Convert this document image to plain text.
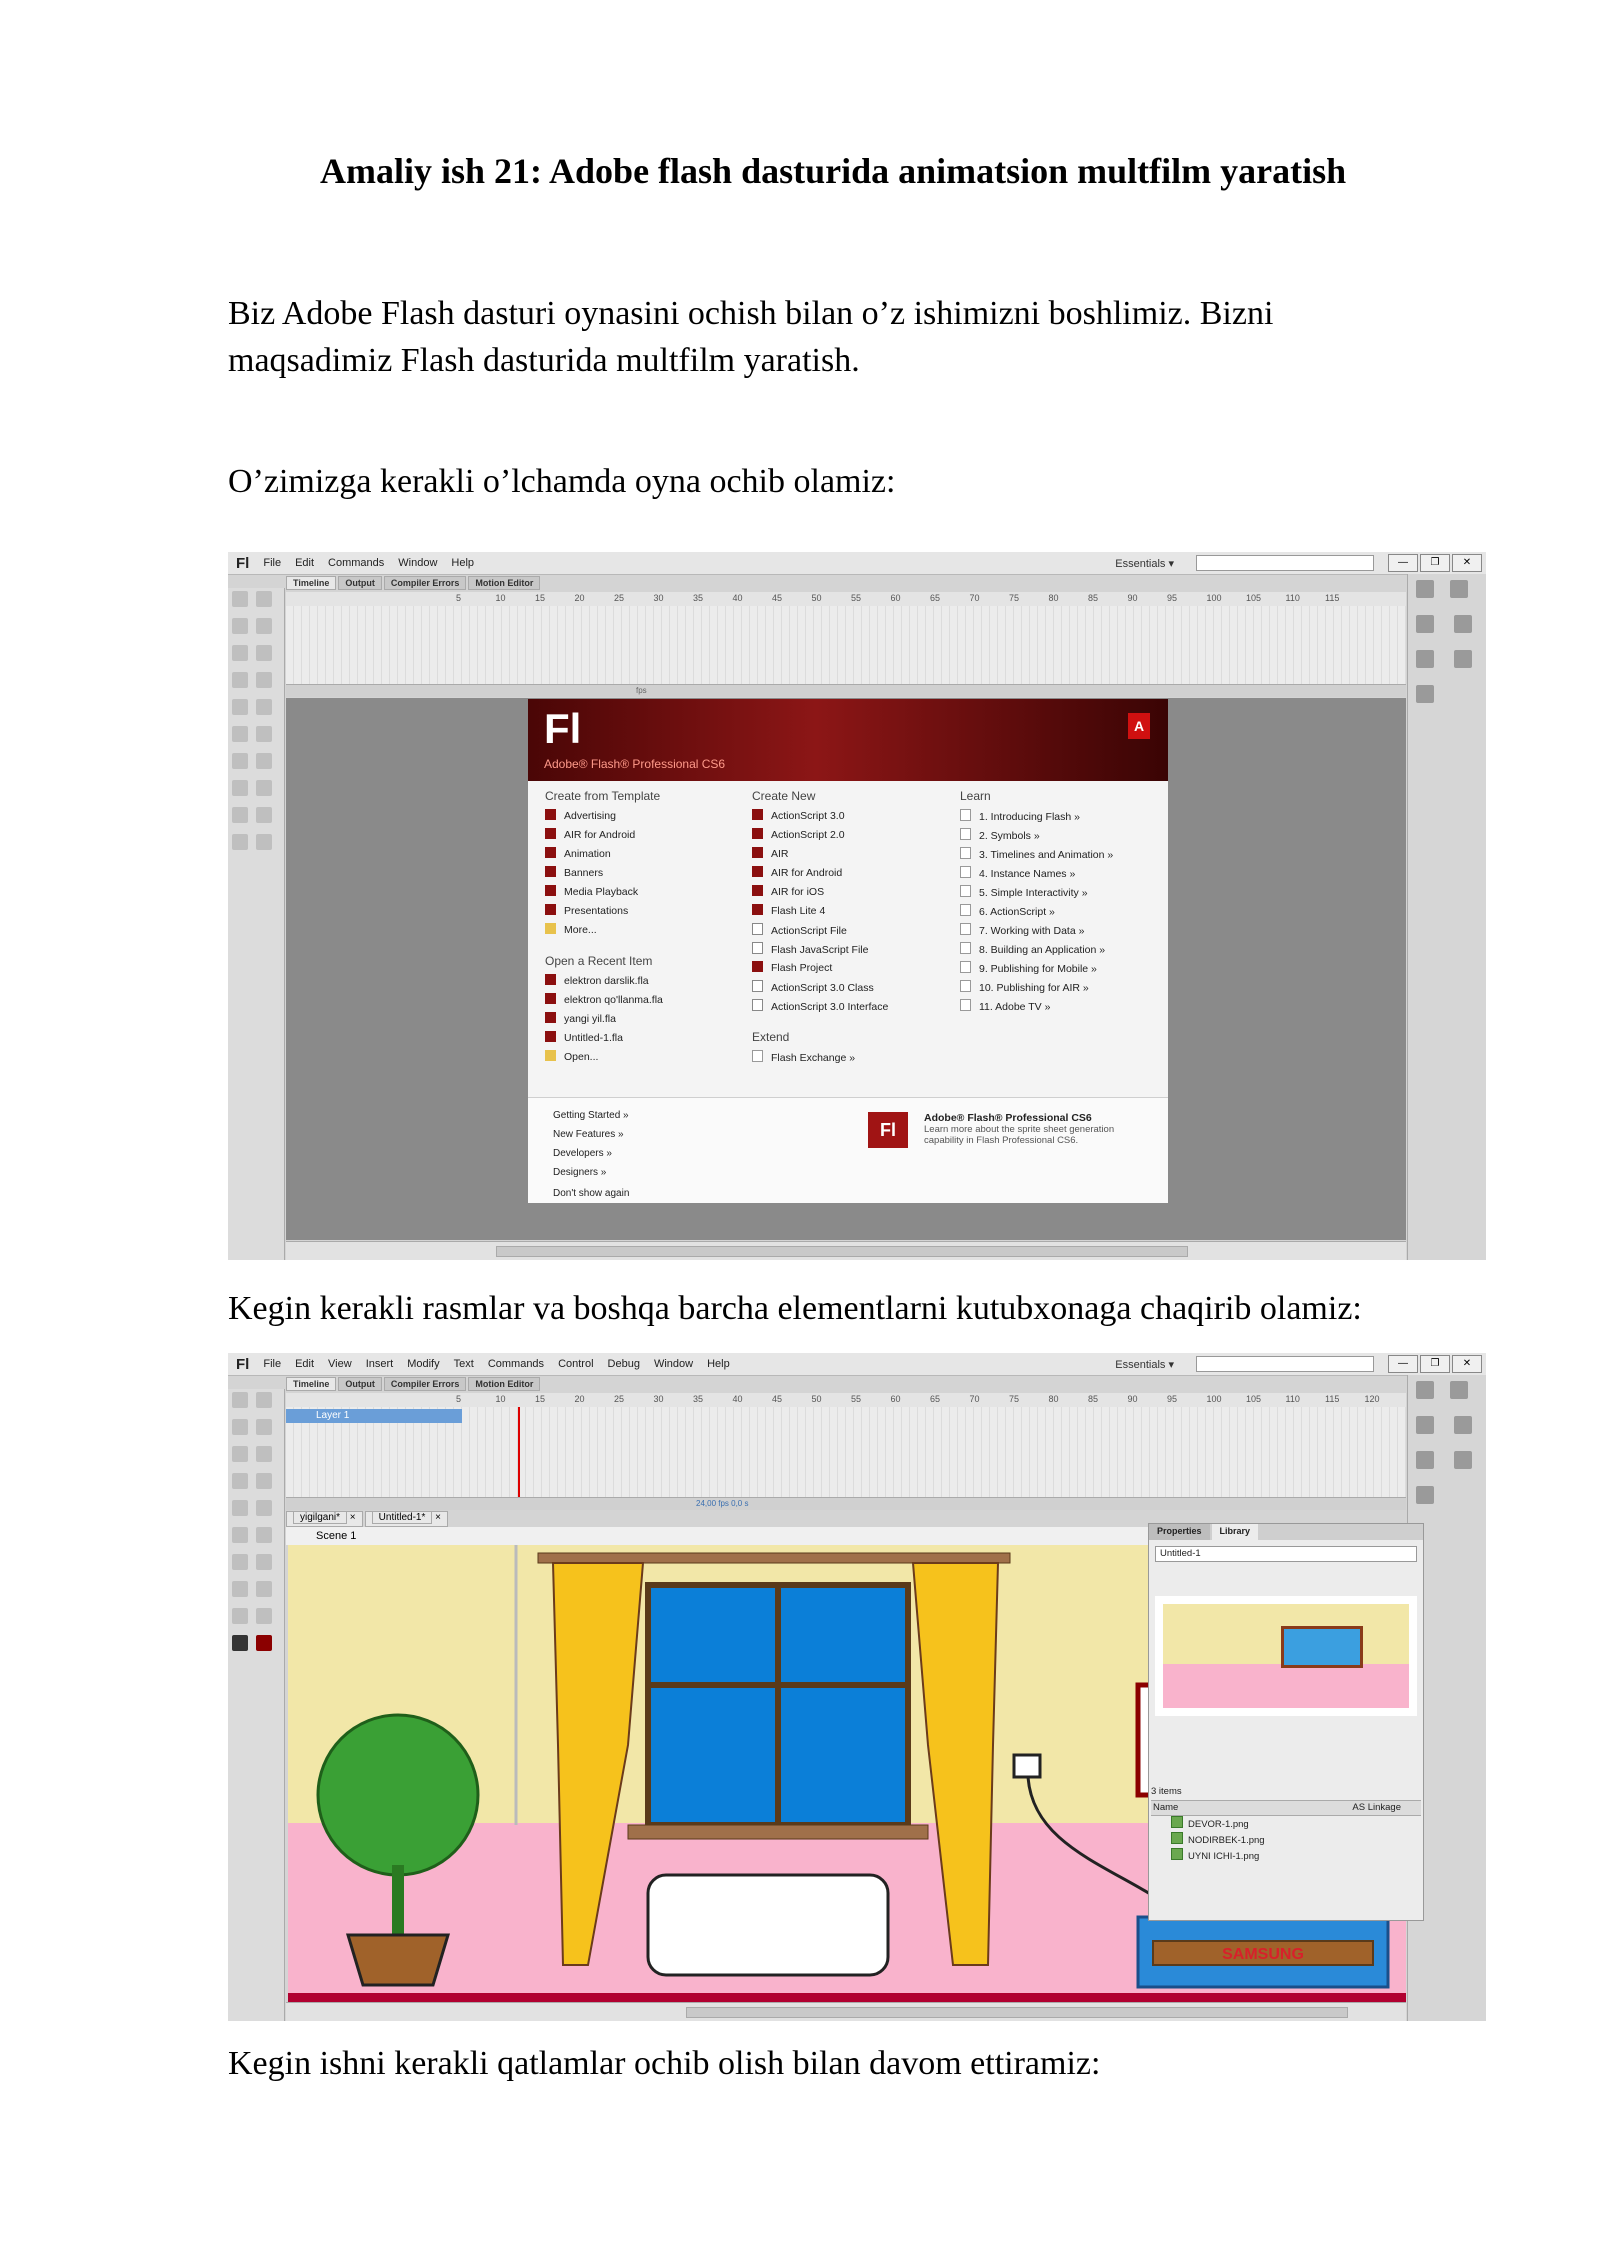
Amaliy ish 21: Adobe flash dasturida animatsion multfilm yaratish
Biz Adobe Flash dasturi oynasini ochish bilan o’z ishimizni boshlimiz. Bizni maqsadimiz Flash dasturida multfilm yaratish.
O’zimizga kerakli o’lchamda oyna ochib olamiz:
Fl File Edit Commands Window Help	Essentials ▾	—	❐	✕
Timeline	Output	Compiler Errors	Motion Editor

5	10	15	20	25	30	35	40	45	50	55	60	65	70	75	80	85	90	95	100	105	110	115
fps
Fl
Adobe® Flash® Professional CS6
A
Create from Template
Advertising
AIR for Android
Animation
Banners
Media Playback
Presentations
More...
Open a Recent Item
elektron darslik.fla
elektron qo'llanma.fla
yangi yil.fla
Untitled-1.fla
Open...
Create New
ActionScript 3.0
ActionScript 2.0
AIR
AIR for Android
AIR for iOS
Flash Lite 4
ActionScript File
Flash JavaScript File
Flash Project
ActionScript 3.0 Class
ActionScript 3.0 Interface
Extend
Flash Exchange »
Learn
1. Introducing Flash »
2. Symbols »
3. Timelines and Animation »
4. Instance Names »
5. Simple Interactivity »
6. ActionScript »
7. Working with Data »
8. Building an Application »
9. Publishing for Mobile »
10. Publishing for AIR »
11. Adobe TV »
Getting Started »
New Features »
Developers »
Designers »
Don't show again
Fl
Adobe® Flash® Professional CS6
Learn more about the sprite sheet generation capability in Flash Professional CS6.
Kegin kerakli rasmlar va boshqa barcha elementlarni kutubxonaga chaqirib olamiz:
Fl File Edit View Insert Modify Text Commands Control Debug Window Help	Essentials ▾	—	❐	✕
Timeline	Output	Compiler Errors	Motion Editor

5	10	15	20	25	30	35	40	45	50	55	60	65	70	75	80	85	90	95	100	105	110	115	120
Layer 1
24,00 fps 0,0 s
yigilgani* ×	Untitled-1* ×
Scene 1
SAMSUNG
Properties	Library
Untitled-1
3 items
Name	AS Linkage
DEVOR-1.png
NODIRBEK-1.png
UYNI ICHI-1.png
Kegin ishni kerakli qatlamlar ochib olish bilan davom ettiramiz:
